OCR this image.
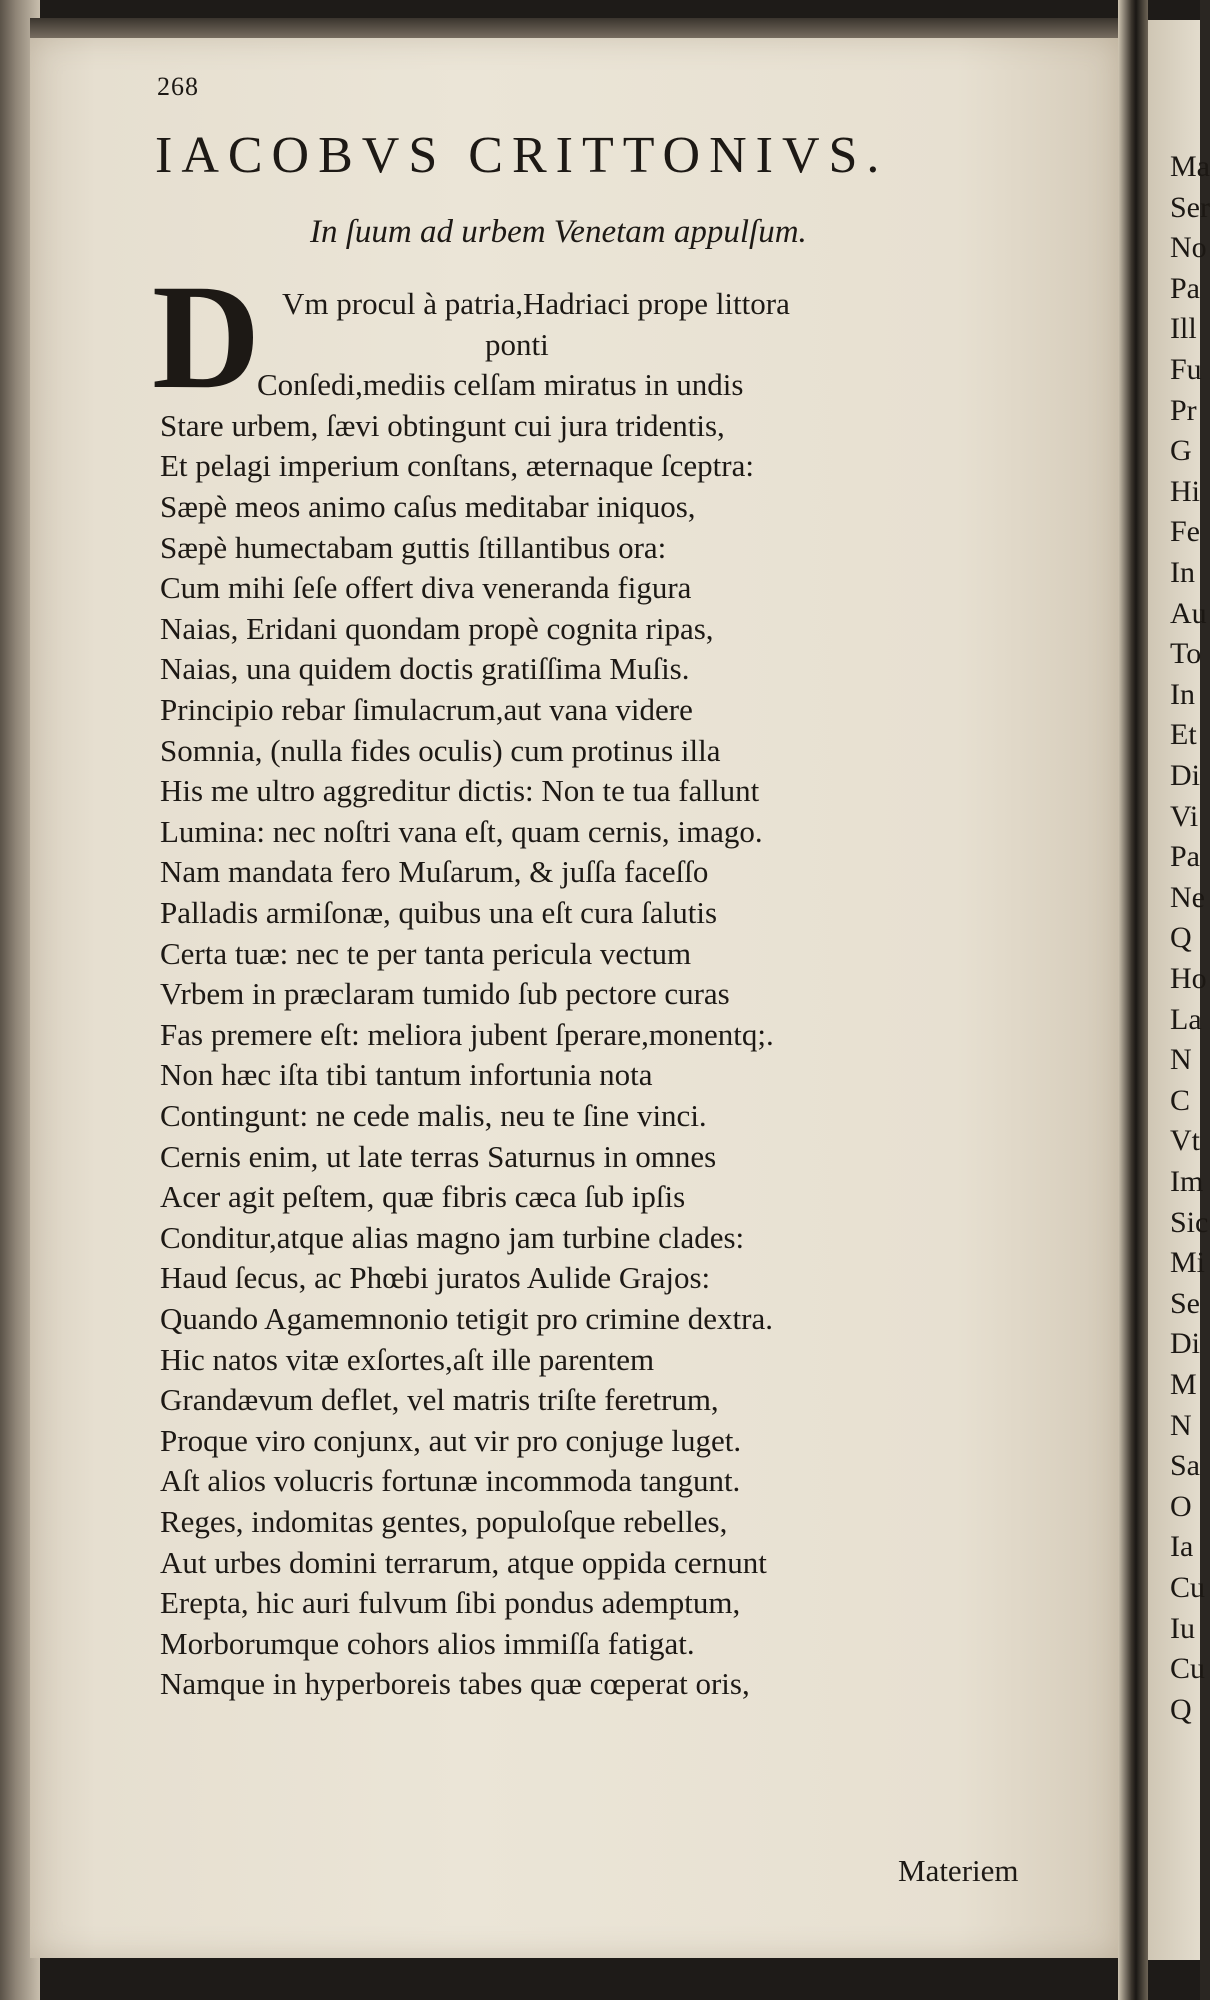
Ma
Ser
No
Pa
Ill
Fu
Pr
G
Hi
Fe
In
Au
To
In
Et
Di
Vi
Pa
Ne
Q
Ho
La
N
C
Vt
Im
Sic
Mi
Se
Di
M
N
Sa
O
Ia
Cu
Iu
Cu
Q
268
IACOBVS CRITTONIVS.
In ſuum ad urbem Venetam appulſum.
D Vm procul à patria,Hadriaci prope littora
ponti
Conſedi,mediis celſam miratus in undis
Stare urbem, ſævi obtingunt cui jura tridentis,
Et pelagi imperium conſtans, æternaque ſceptra:
Sæpè meos animo caſus meditabar iniquos,
Sæpè humectabam guttis ſtillantibus ora:
Cum mihi ſeſe offert diva veneranda figura
Naias, Eridani quondam propè cognita ripas,
Naias, una quidem doctis gratiſſima Muſis.
Principio rebar ſimulacrum,aut vana videre
Somnia, (nulla fides oculis) cum protinus illa
His me ultro aggreditur dictis: Non te tua fallunt
Lumina: nec noſtri vana eſt, quam cernis, imago.
Nam mandata fero Muſarum, & juſſa faceſſo
Palladis armiſonæ, quibus una eſt cura ſalutis
Certa tuæ: nec te per tanta pericula vectum
Vrbem in præclaram tumido ſub pectore curas
Fas premere eſt: meliora jubent ſperare,monentq;.
Non hæc iſta tibi tantum infortunia nota
Contingunt: ne cede malis, neu te ſine vinci.
Cernis enim, ut late terras Saturnus in omnes
Acer agit peſtem, quæ fibris cæca ſub ipſis
Conditur,atque alias magno jam turbine clades:
Haud ſecus, ac Phœbi juratos Aulide Grajos:
Quando Agamemnonio tetigit pro crimine dextra.
Hic natos vitæ exſortes,aſt ille parentem
Grandævum deflet, vel matris triſte feretrum,
Proque viro conjunx, aut vir pro conjuge luget.
Aſt alios volucris fortunæ incommoda tangunt.
Reges, indomitas gentes, populoſque rebelles,
Aut urbes domini terrarum, atque oppida cernunt
Erepta, hic auri fulvum ſibi pondus ademptum,
Morborumque cohors alios immiſſa fatigat.
Namque in hyperboreis tabes quæ cœperat oris,
Materiem
